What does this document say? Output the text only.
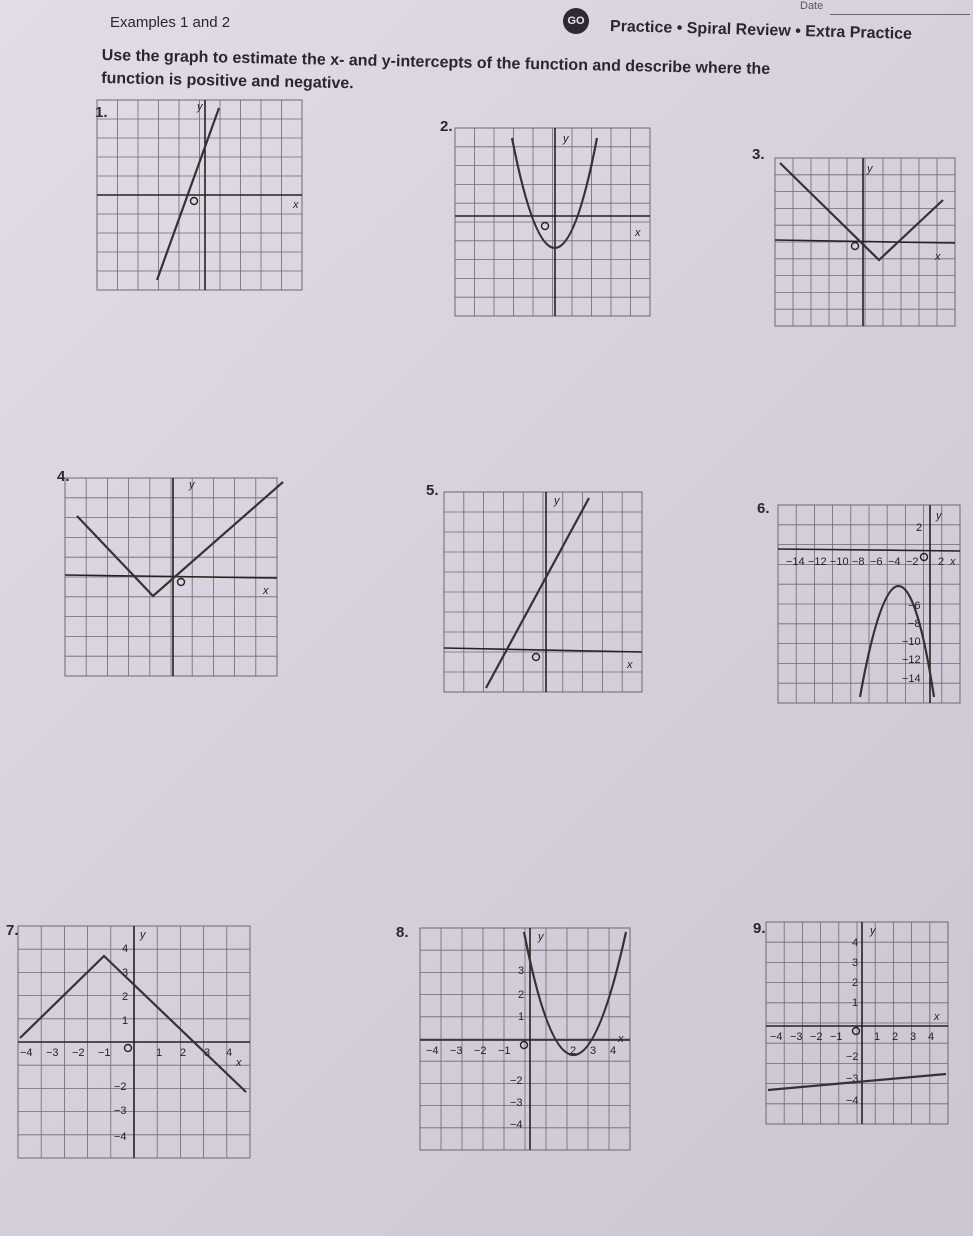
Date
Examples 1 and 2	GO Practice • Spiral Review • Extra Practice
Use the graph to estimate the x- and y-intercepts of the function and describe where the function is positive and negative.
1.
2.
3.
4.
5.
6.
7.	8.	9.
x
y
x
y
x
y
x
y
x
y
−14 −12 −10 −8 −6 −4 −2 2
2
−6
−8
−10
−12
−14
x
y
−4 −3 −2 −1	1 2 3 4
4
3
2
1
−2
−3
−4
x
y
−4 −3 −2 −1	2 3 4
3
2
1
−2
−3
−4
x
y
−4 −3 −2 −1	1 2 3 4
4
3
2
1
−2
−3
−4
x
y
